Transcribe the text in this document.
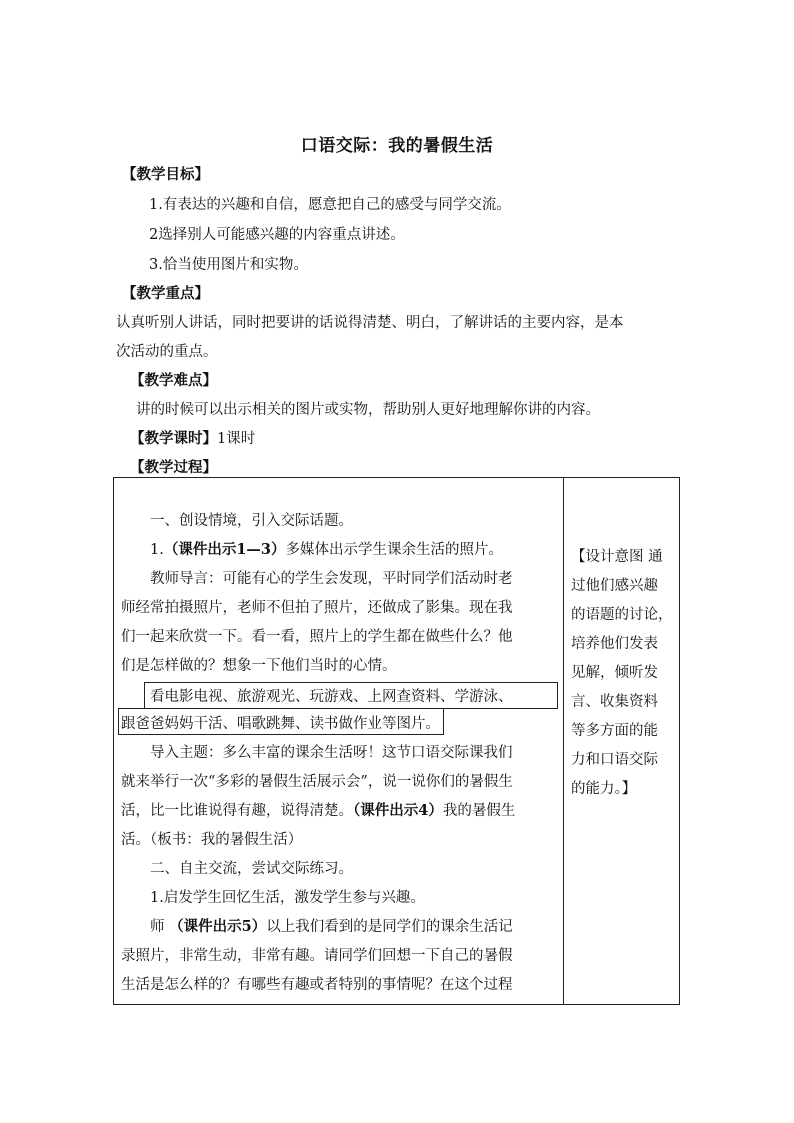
口语交际：我的暑假生活
【教学目标】
1.有表达的兴趣和自信，愿意把自己的感受与同学交流。
2选择别人可能感兴趣的内容重点讲述。
3.恰当使用图片和实物。
【教学重点】
认真听别人讲话，同时把要讲的话说得清楚、明白，了解讲话的主要内容，是本
次活动的重点。
【教学难点】
讲的时候可以出示相关的图片或实物，帮助别人更好地理解你讲的内容。
【教学课时】1课时
【教学过程】
一、创设情境，引入交际话题。
1.（课件出示1—3）多媒体出示学生课余生活的照片。
教师导言：可能有心的学生会发现，平时同学们活动时老
师经常拍摄照片，老师不但拍了照片，还做成了影集。现在我
们一起来欣赏一下。看一看，照片上的学生都在做些什么？他
们是怎样做的？想象一下他们当时的心情。
看电影电视、旅游观光、玩游戏、上网查资料、学游泳、
跟爸爸妈妈干活、唱歌跳舞、读书做作业等图片。
导入主题：多么丰富的课余生活呀！这节口语交际课我们
就来举行一次“多彩的暑假生活展示会”，说一说你们的暑假生
活，比一比谁说得有趣，说得清楚。（课件出示4）我的暑假生
活。（板书：我的暑假生活）
二、自主交流，尝试交际练习。
1.启发学生回忆生活，激发学生参与兴趣。
师 （课件出示5）以上我们看到的是同学们的课余生活记
录照片，非常生动，非常有趣。请同学们回想一下自己的暑假
生活是怎么样的？有哪些有趣或者特别的事情呢？在这个过程
【设计意图 通
过他们感兴趣
的语题的讨论，
培养他们发表
见解，倾听发
言、收集资料
等多方面的能
力和口语交际
的能力。】
